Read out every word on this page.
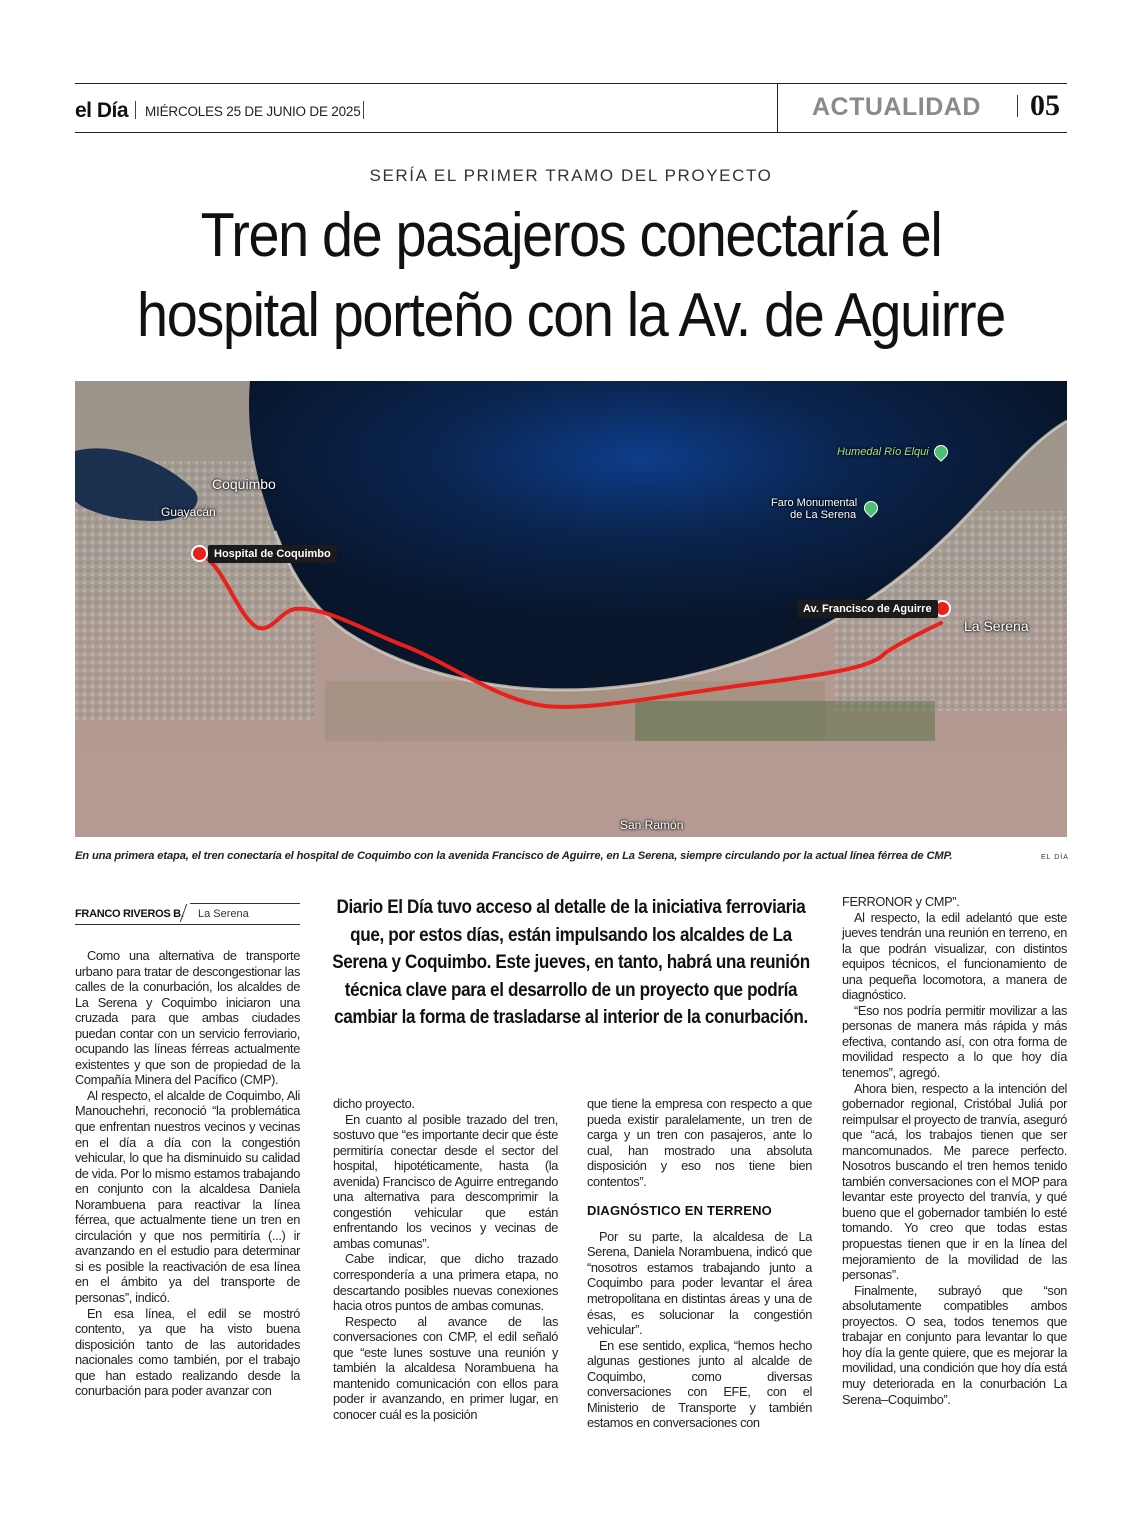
el Día MIÉRCOLES 25 DE JUNIO DE 2025	ACTUALIDAD 05
SERÍA EL PRIMER TRAMO DEL PROYECTO
Tren de pasajeros conectaría el hospital porteño con la Av. de Aguirre
Coquimbo
Guayacán
La Serena
San Ramón
Faro Monumental
de La Serena
Humedal Río Elqui
Hospital de Coquimbo
Av. Francisco de Aguirre
En una primera etapa, el tren conectaría el hospital de Coquimbo con la avenida Francisco de Aguirre, en La Serena, siempre circulando por la actual línea férrea de CMP.	EL DÍA
FRANCO RIVEROS B. La Serena	Diario El Día tuvo acceso al detalle de la iniciativa ferroviaria que, por estos días, están impulsando los alcaldes de La Serena y Coquimbo. Este jueves, en tanto, habrá una reunión técnica clave para el desarrollo de un proyecto que podría cambiar la forma de trasladarse al interior de la conurbación.

Como una alternativa de transporte urbano para tratar de descongestionar las calles de la conurbación, los alcaldes de La Serena y Coquimbo iniciaron una cruzada para que ambas ciudades puedan contar con un servicio ferroviario, ocupando las líneas férreas actualmente existentes y que son de propiedad de la Compañía Minera del Pacífico (CMP).

Al respecto, el alcalde de Coquimbo, Ali Manouchehri, reconoció “la problemática que enfrentan nuestros vecinos y vecinas en el día a día con la congestión vehicular, lo que ha disminuido su calidad de vida. Por lo mismo estamos trabajando en conjunto con la alcaldesa Daniela Norambuena para reactivar la línea férrea, que actualmente tiene un tren en circulación y que nos permitiría (...) ir avanzando en el estudio para determinar si es posible la reactivación de esa línea en el ámbito ya del transporte de personas”, indicó.

En esa línea, el edil se mostró contento, ya que ha visto buena disposición tanto de las autoridades nacionales como también, por el trabajo que han estado realizando desde la conurbación para poder avanzar con

dicho proyecto.

En cuanto al posible trazado del tren, sostuvo que “es importante decir que éste permitiría conectar desde el sector del hospital, hipotéticamente, hasta (la avenida) Francisco de Aguirre entregando una alternativa para descomprimir la congestión vehicular que están enfrentando los vecinos y vecinas de ambas comunas”.

Cabe indicar, que dicho trazado correspondería a una primera etapa, no descartando posibles nuevas conexiones hacia otros puntos de ambas comunas.

Respecto al avance de las conversaciones con CMP, el edil señaló que “este lunes sostuve una reunión y también la alcaldesa Norambuena ha mantenido comunicación con ellos para poder ir avanzando, en primer lugar, en conocer cuál es la posición

que tiene la empresa con respecto a que pueda existir paralelamente, un tren de carga y un tren con pasajeros, ante lo cual, han mostrado una absoluta disposición y eso nos tiene bien contentos”.

DIAGNÓSTICO EN TERRENO

Por su parte, la alcaldesa de La Serena, Daniela Norambuena, indicó que “nosotros estamos trabajando junto a Coquimbo para poder levantar el área metropolitana en distintas áreas y una de ésas, es solucionar la congestión vehicular”.

En ese sentido, explica, “hemos hecho algunas gestiones junto al alcalde de Coquimbo, como diversas conversaciones con EFE, con el Ministerio de Transporte y también estamos en conversaciones con

FERRONOR y CMP”.

Al respecto, la edil adelantó que este jueves tendrán una reunión en terreno, en la que podrán visualizar, con distintos equipos técnicos, el funcionamiento de una pequeña locomotora, a manera de diagnóstico.

“Eso nos podría permitir movilizar a las personas de manera más rápida y más efectiva, contando así, con otra forma de movilidad respecto a lo que hoy día tenemos”, agregó.

Ahora bien, respecto a la intención del gobernador regional, Cristóbal Juliá por reimpulsar el proyecto de tranvía, aseguró que “acá, los trabajos tienen que ser mancomunados. Me parece perfecto. Nosotros buscando el tren hemos tenido también conversaciones con el MOP para levantar este proyecto del tranvía, y qué bueno que el gobernador también lo esté tomando. Yo creo que todas estas propuestas tienen que ir en la línea del mejoramiento de la movilidad de las personas”.

Finalmente, subrayó que “son absolutamente compatibles ambos proyectos. O sea, todos tenemos que trabajar en conjunto para levantar lo que hoy día la gente quiere, que es mejorar la movilidad, una condición que hoy día está muy deteriorada en la conurbación La Serena–Coquimbo”.
